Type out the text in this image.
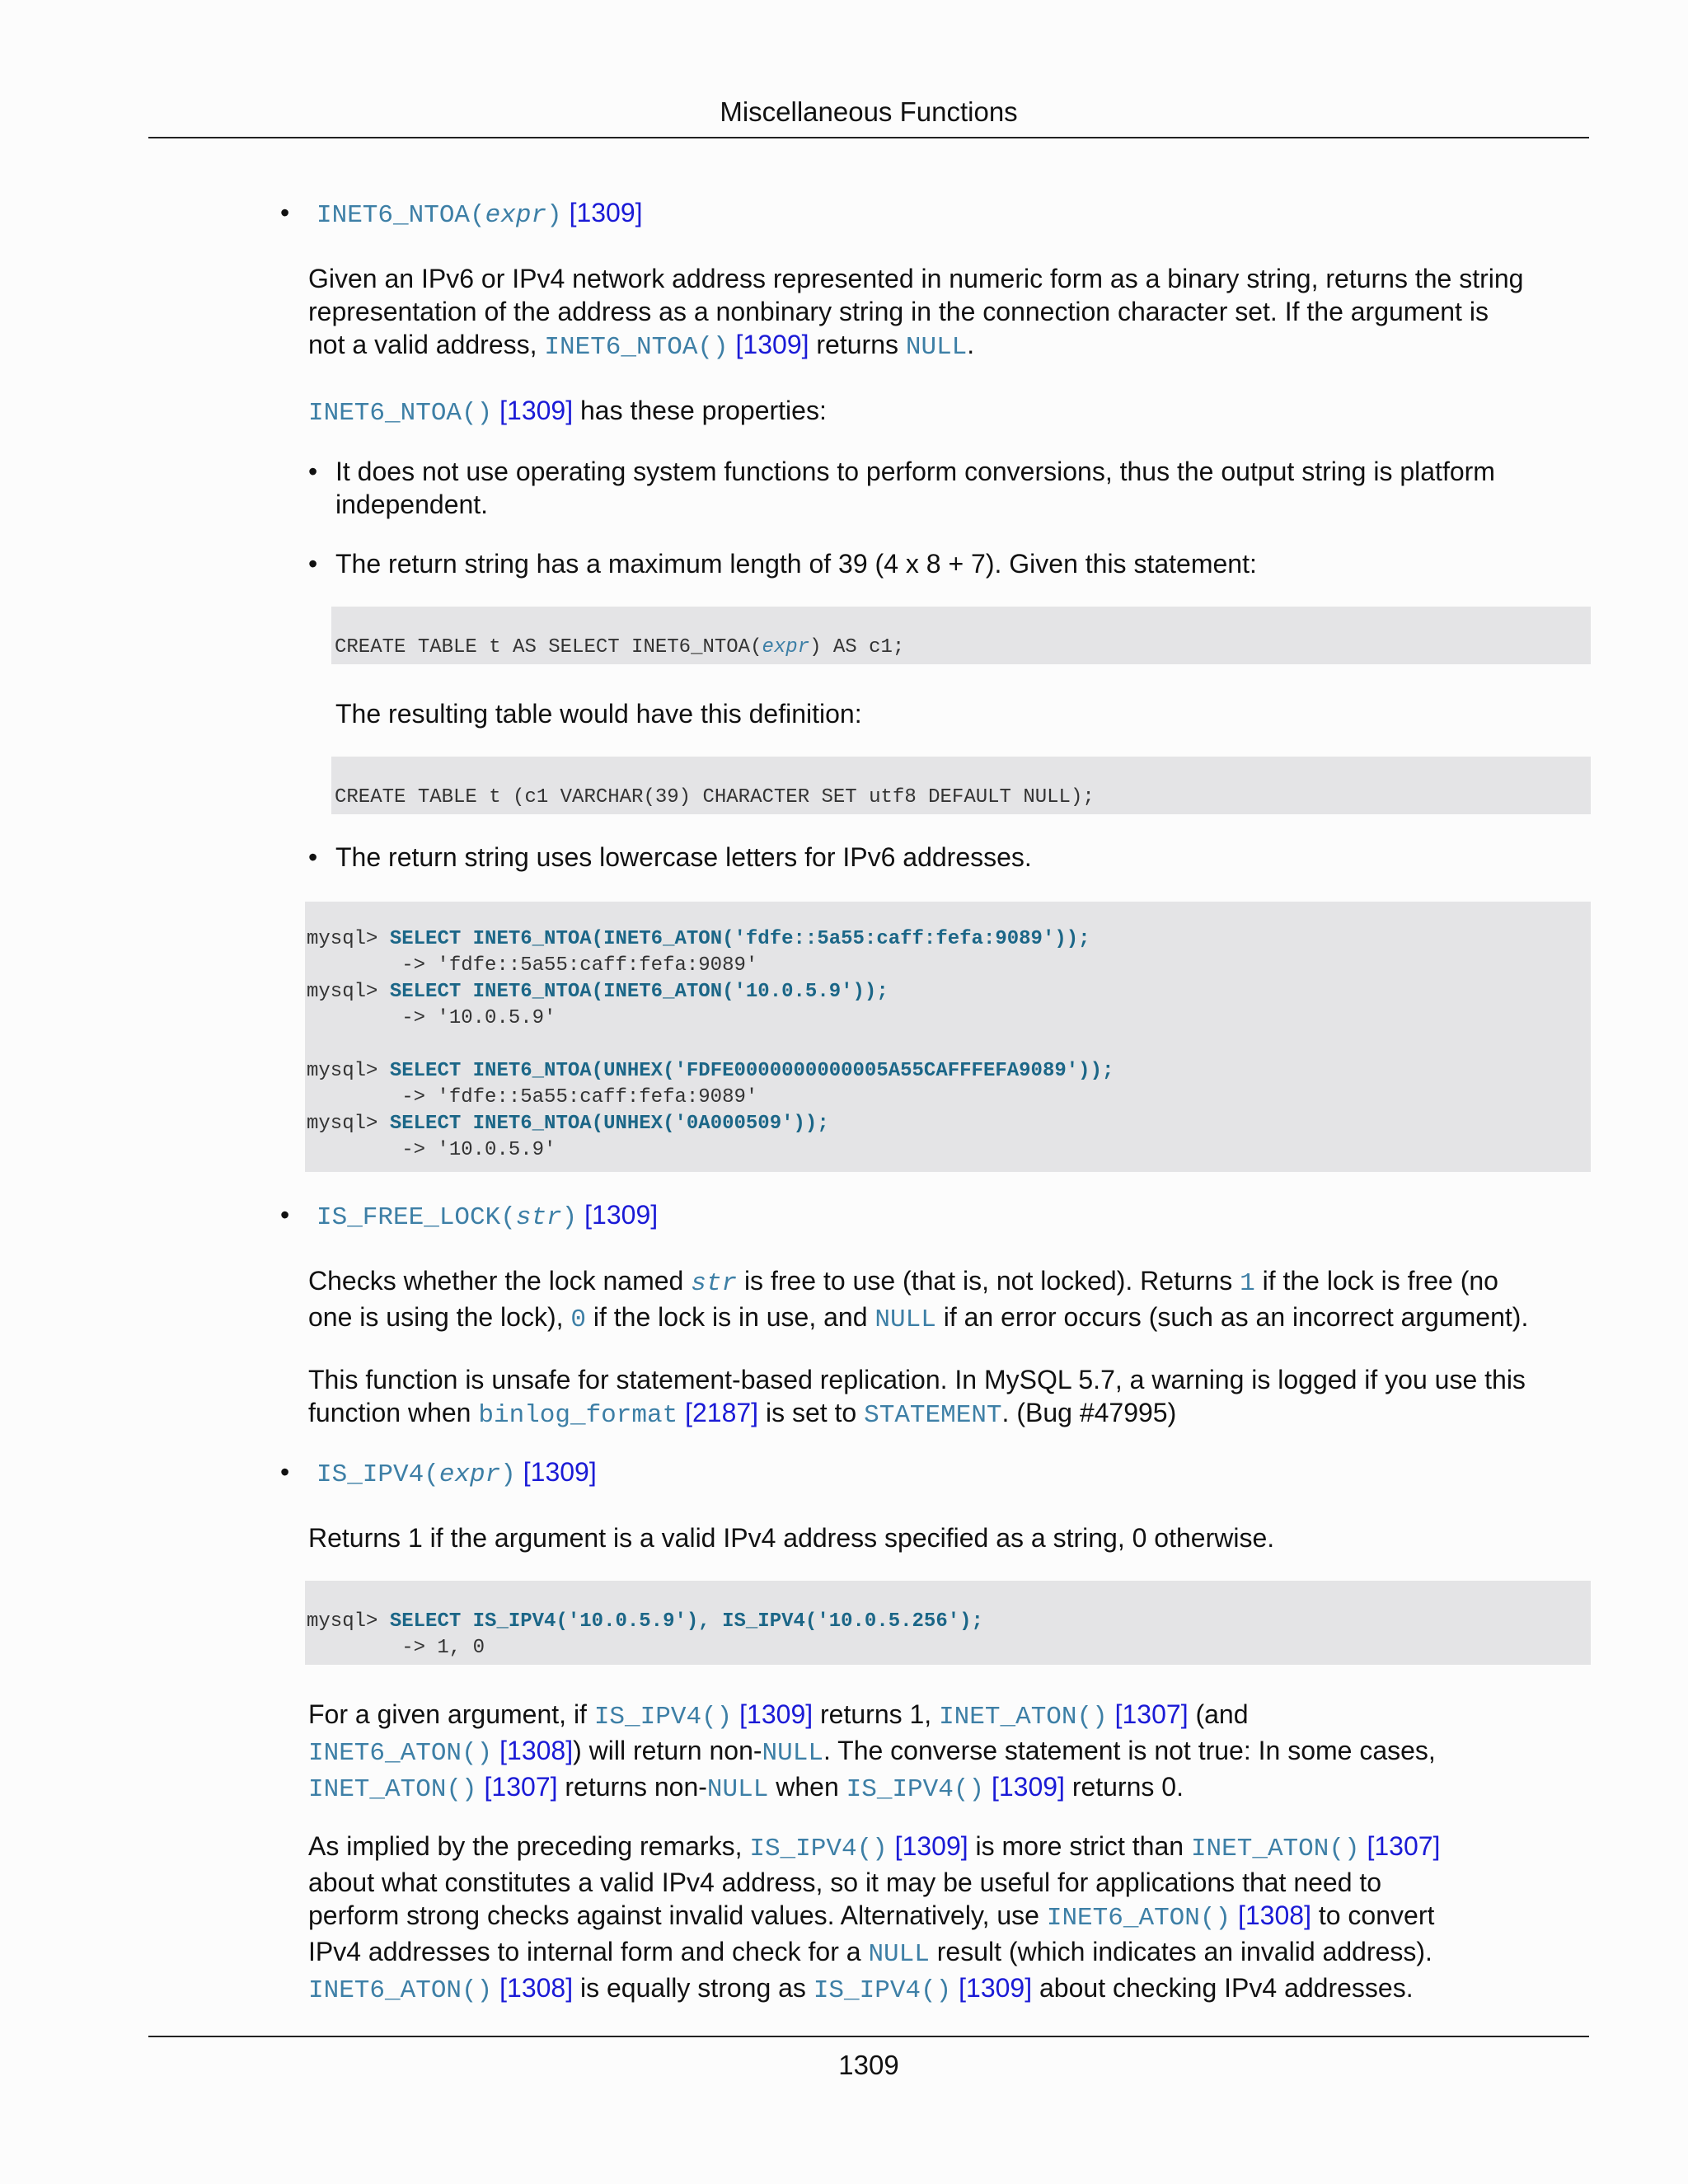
Miscellaneous Functions
• INET6_NTOA(expr) [1309]
Given an IPv6 or IPv4 network address represented in numeric form as a binary string, returns the string
representation of the address as a nonbinary string in the connection character set. If the argument is
not a valid address, INET6_NTOA() [1309] returns NULL.
INET6_NTOA() [1309] has these properties:
• It does not use operating system functions to perform conversions, thus the output string is platform
independent.
• The return string has a maximum length of 39 (4 x 8 + 7). Given this statement:
CREATE TABLE t AS SELECT INET6_NTOA(expr) AS c1;
The resulting table would have this definition:
CREATE TABLE t (c1 VARCHAR(39) CHARACTER SET utf8 DEFAULT NULL);
• The return string uses lowercase letters for IPv6 addresses.
mysql> SELECT INET6_NTOA(INET6_ATON('fdfe::5a55:caff:fefa:9089'));
-> 'fdfe::5a55:caff:fefa:9089'
mysql> SELECT INET6_NTOA(INET6_ATON('10.0.5.9'));
-> '10.0.5.9'
mysql> SELECT INET6_NTOA(UNHEX('FDFE0000000000005A55CAFFFEFA9089'));
-> 'fdfe::5a55:caff:fefa:9089'
mysql> SELECT INET6_NTOA(UNHEX('0A000509'));
-> '10.0.5.9'
• IS_FREE_LOCK(str) [1309]
Checks whether the lock named str is free to use (that is, not locked). Returns 1 if the lock is free (no
one is using the lock), 0 if the lock is in use, and NULL if an error occurs (such as an incorrect argument).
This function is unsafe for statement-based replication. In MySQL 5.7, a warning is logged if you use this
function when binlog_format [2187] is set to STATEMENT. (Bug #47995)
• IS_IPV4(expr) [1309]
Returns 1 if the argument is a valid IPv4 address specified as a string, 0 otherwise.
mysql> SELECT IS_IPV4('10.0.5.9'), IS_IPV4('10.0.5.256');
-> 1, 0
For a given argument, if IS_IPV4() [1309] returns 1, INET_ATON() [1307] (and
INET6_ATON() [1308]) will return non-NULL. The converse statement is not true: In some cases,
INET_ATON() [1307] returns non-NULL when IS_IPV4() [1309] returns 0.
As implied by the preceding remarks, IS_IPV4() [1309] is more strict than INET_ATON() [1307]
about what constitutes a valid IPv4 address, so it may be useful for applications that need to
perform strong checks against invalid values. Alternatively, use INET6_ATON() [1308] to convert
IPv4 addresses to internal form and check for a NULL result (which indicates an invalid address).
INET6_ATON() [1308] is equally strong as IS_IPV4() [1309] about checking IPv4 addresses.
1309
